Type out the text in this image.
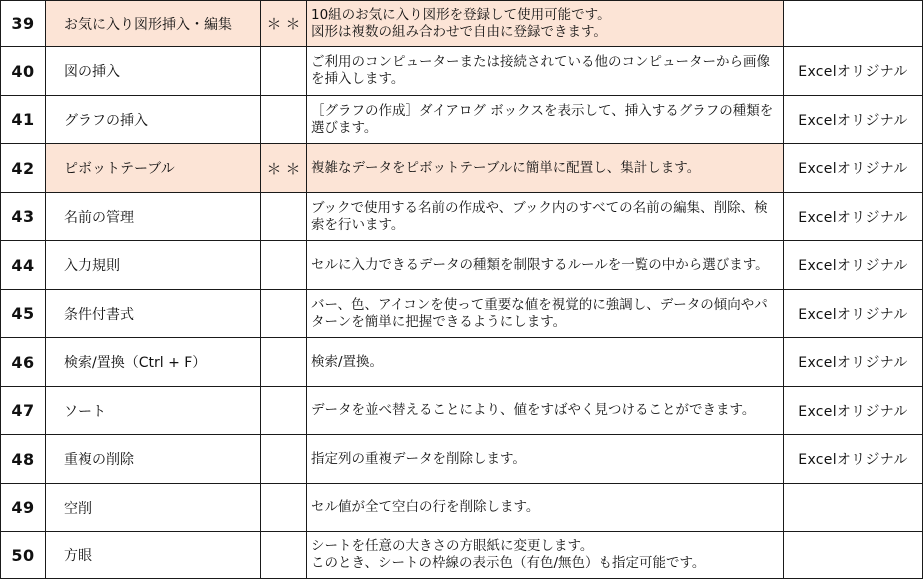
39	お気に入り図形挿入・編集	＊＊	10組のお気に入り図形を登録して使用可能です。
図形は複数の組み合わせで自由に登録できます。	
40	図の挿入		ご利用のコンピューターまたは接続されている他のコンピューターから画像を挿入します。	Excelオリジナル
41	グラフの挿入		［グラフの作成］ダイアログ ボックスを表示して、挿入するグラフの種類を選びます。	Excelオリジナル
42	ピボットテーブル	＊＊	複雑なデータをピボットテーブルに簡単に配置し、集計します。	Excelオリジナル
43	名前の管理		ブックで使用する名前の作成や、ブック内のすべての名前の編集、削除、検索を行います。	Excelオリジナル
44	入力規則		セルに入力できるデータの種類を制限するルールを一覧の中から選びます。	Excelオリジナル
45	条件付書式		バー、色、アイコンを使って重要な値を視覚的に強調し、データの傾向やパターンを簡単に把握できるようにします。	Excelオリジナル
46	検索/置換（Ctrl + F）		検索/置換。	Excelオリジナル
47	ソート		データを並べ替えることにより、値をすばやく見つけることができます。	Excelオリジナル
48	重複の削除		指定列の重複データを削除します。	Excelオリジナル
49	空削		セル値が全て空白の行を削除します。	
50	方眼		シートを任意の大きさの方眼紙に変更します。
このとき、シートの枠線の表示色（有色/無色）も指定可能です。	
